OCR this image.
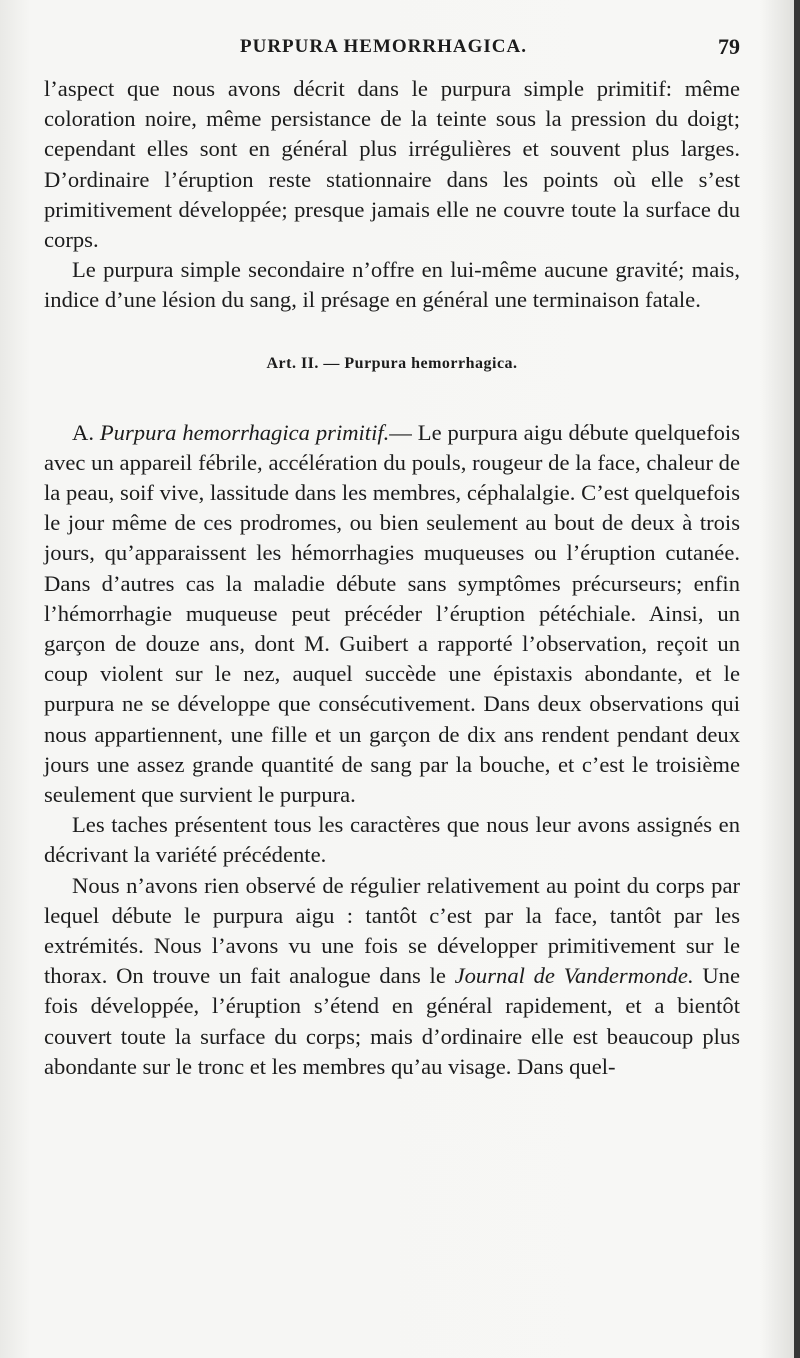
PURPURA HEMORRHAGICA.	79

l’aspect que nous avons décrit dans le purpura simple primitif: même coloration noire, même persistance de la teinte sous la pression du doigt; cependant elles sont en général plus irrégulières et souvent plus larges. D’ordinaire l’éruption reste stationnaire dans les points où elle s’est primitivement développée; presque jamais elle ne couvre toute la surface du corps.

Le purpura simple secondaire n’offre en lui-même aucune gravité; mais, indice d’une lésion du sang, il présage en général une terminaison fatale.

Art. II. — Purpura hemorrhagica.

A. Purpura hemorrhagica primitif.— Le purpura aigu débute quelquefois avec un appareil fébrile, accélération du pouls, rougeur de la face, chaleur de la peau, soif vive, lassitude dans les membres, céphalalgie. C’est quelquefois le jour même de ces prodromes, ou bien seulement au bout de deux à trois jours, qu’apparaissent les hémorrhagies muqueuses ou l’éruption cutanée. Dans d’autres cas la maladie débute sans symptômes précurseurs; enfin l’hémorrhagie muqueuse peut précéder l’éruption pétéchiale. Ainsi, un garçon de douze ans, dont M. Guibert a rapporté l’observation, reçoit un coup violent sur le nez, auquel succède une épistaxis abondante, et le purpura ne se développe que consécutivement. Dans deux observations qui nous appartiennent, une fille et un garçon de dix ans rendent pendant deux jours une assez grande quantité de sang par la bouche, et c’est le troisième seulement que survient le purpura.

Les taches présentent tous les caractères que nous leur avons assignés en décrivant la variété précédente.

Nous n’avons rien observé de régulier relativement au point du corps par lequel débute le purpura aigu : tantôt c’est par la face, tantôt par les extrémités. Nous l’avons vu une fois se développer primitivement sur le thorax. On trouve un fait analogue dans le Journal de Vandermonde. Une fois développée, l’éruption s’étend en général rapidement, et a bientôt couvert toute la surface du corps; mais d’ordinaire elle est beaucoup plus abondante sur le tronc et les membres qu’au visage. Dans quel-
